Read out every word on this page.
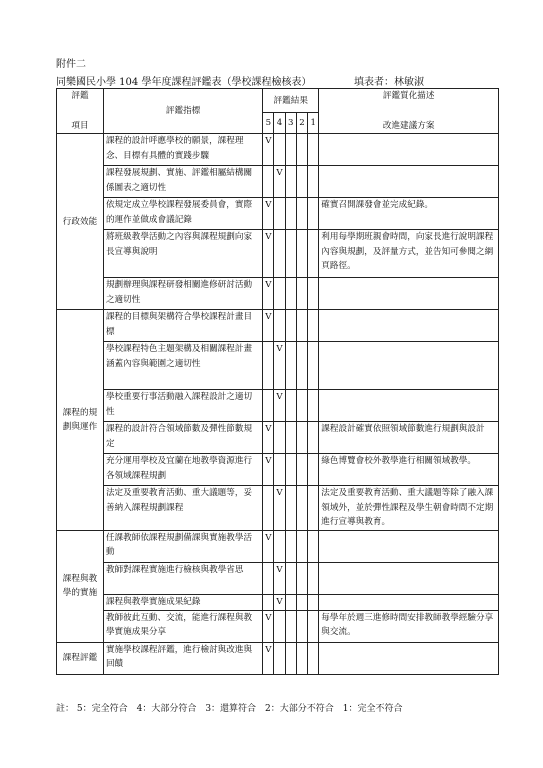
附件二
同樂國民小學 104 學年度課程評鑑表（學校課程檢核表）	填表者：林敏淑
評鑑
項目	評鑑指標	評鑑結果					評鑑質化描述
改進建議方案

		5	4	3	2	1	
行政效能	課程的設計呼應學校的願景，課程理念、目標有具體的實踐步驟	V					
	課程發展規劃、實施、評鑑相屬結構關係圖表之適切性		V				
	依規定成立學校課程發展委員會，實際的運作並做成會議記錄	V					確實召開課發會並完成紀錄。
	將班級教學活動之內容與課程規劃向家長宣導與說明	V					利用每學期班親會時間，向家長進行說明課程內容與規劃，及評量方式，並告知可參閱之網頁路徑。
	規劃辦理與課程研發相關進修研討活動之適切性	V					
課程的規劃與運作	課程的目標與架構符合學校課程計畫目標	V					
	學校課程特色主題架構及相關課程計畫涵蓋內容與範圍之適切性		V				
	學校重要行事活動融入課程設計之適切性		V				
	課程的設計符合領域節數及彈性節數規定	V					課程設計確實依照領域節數進行規劃與設計
	充分運用學校及宜蘭在地教學資源進行各領域課程規劃	V					綠色博覽會校外教學進行相關領域教學。
	法定及重要教育活動、重大議題等，妥善納入課程規劃課程		V				法定及重要教育活動、重大議題等除了融入課領域外，並於彈性課程及學生朝會時間不定期進行宣導與教育。
課程與教學的實施	任課教師依課程規劃備課與實施教學活動	V					
	教師對課程實施進行檢核與教學省思		V				
	課程與教學實施成果紀錄		V				
	教師彼此互動、交流，能進行課程與教學實施成果分享	V					每學年於週三進修時間安排教師教學經驗分享與交流。
課程評鑑	實施學校課程評鑑，進行檢討與改進與回饋	V					
註： 5：完全符合　4：大部分符合　3：還算符合　2：大部分不符合　1：完全不符合
